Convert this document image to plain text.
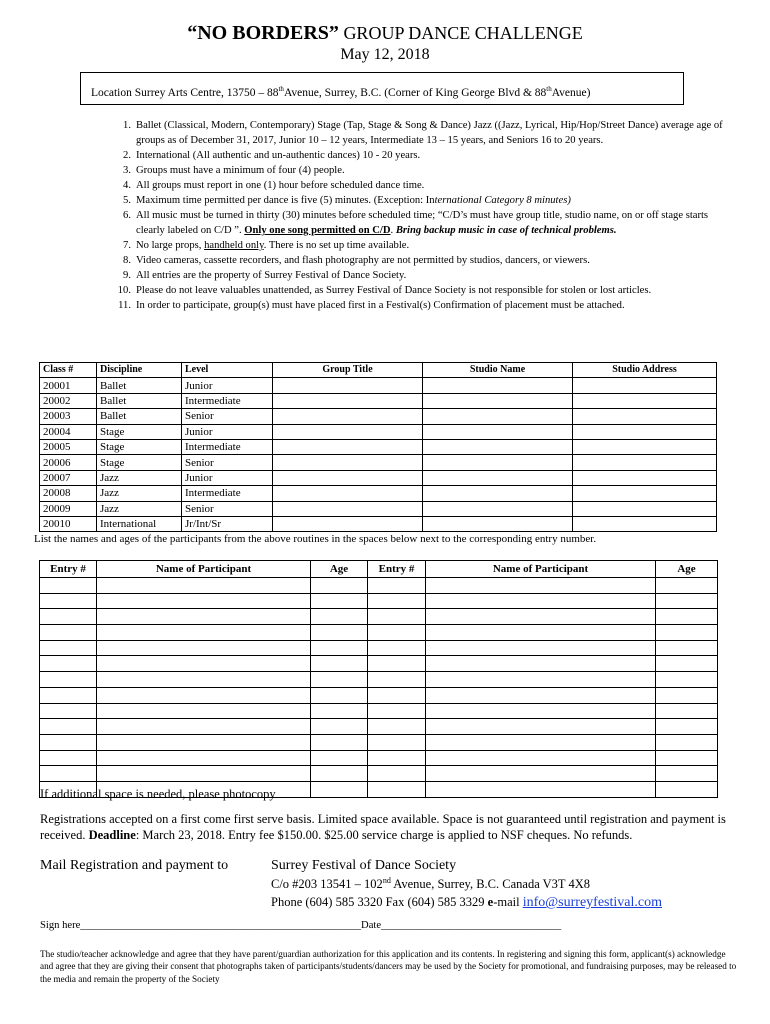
“NO BORDERS” GROUP DANCE CHALLENGE
May 12, 2018
Location Surrey Arts Centre, 13750 – 88thAvenue, Surrey, B.C. (Corner of King George Blvd & 88thAvenue)
1. Ballet (Classical, Modern, Contemporary) Stage (Tap, Stage & Song & Dance) Jazz ((Jazz, Lyrical, Hip/Hop/Street Dance) average age of groups as of December 31, 2017, Junior 10 – 12 years, Intermediate 13 – 15 years, and Seniors 16 to 20 years.
2. International (All authentic and un-authentic dances) 10 - 20 years.
3. Groups must have a minimum of four (4) people.
4. All groups must report in one (1) hour before scheduled dance time.
5. Maximum time permitted per dance is five (5) minutes. (Exception: International Category 8 minutes)
6. All music must be turned in thirty (30) minutes before scheduled time; “C/D’s must have group title, studio name, on or off stage starts clearly labeled on C/D ”. Only one song permitted on C/D. Bring backup music in case of technical problems.
7. No large props, handheld only. There is no set up time available.
8. Video cameras, cassette recorders, and flash photography are not permitted by studios, dancers, or viewers.
9. All entries are the property of Surrey Festival of Dance Society.
10. Please do not leave valuables unattended, as Surrey Festival of Dance Society is not responsible for stolen or lost articles.
11. In order to participate, group(s) must have placed first in a Festival(s) Confirmation of placement must be attached.
Class #	Discipline	Level	Group Title	Studio Name	Studio Address
20001	Ballet	Junior			
20002	Ballet	Intermediate			
20003	Ballet	Senior			
20004	Stage	Junior			
20005	Stage	Intermediate			
20006	Stage	Senior			
20007	Jazz	Junior			
20008	Jazz	Intermediate			
20009	Jazz	Senior			
20010	International	Jr/Int/Sr			
List the names and ages of the participants from the above routines in the spaces below next to the corresponding entry number.
Entry #	Name of Participant	Age	Entry #	Name of Participant	Age

If additional space is needed, please photocopy
Registrations accepted on a first come first serve basis. Limited space available. Space is not guaranteed until registration and payment is received. Deadline: March 23, 2018. Entry fee $150.00. $25.00 service charge is applied to NSF cheques. No refunds.
Mail Registration and payment to	Surrey Festival of Dance Society
C/o #203 13541 – 102nd Avenue, Surrey, B.C. Canada V3T 4X8
Phone (604) 585 3320 Fax (604) 585 3329 e-mail info@surreyfestival.com
Sign here_____________________________________________________Date__________________________________
The studio/teacher acknowledge and agree that they have parent/guardian authorization for this application and its contents. In registering and signing this form, applicant(s) acknowledge and agree that they are giving their consent that photographs taken of participants/students/dancers may be used by the Society for promotional, and fundraising purposes, may be released to the media and remain the property of the Society
